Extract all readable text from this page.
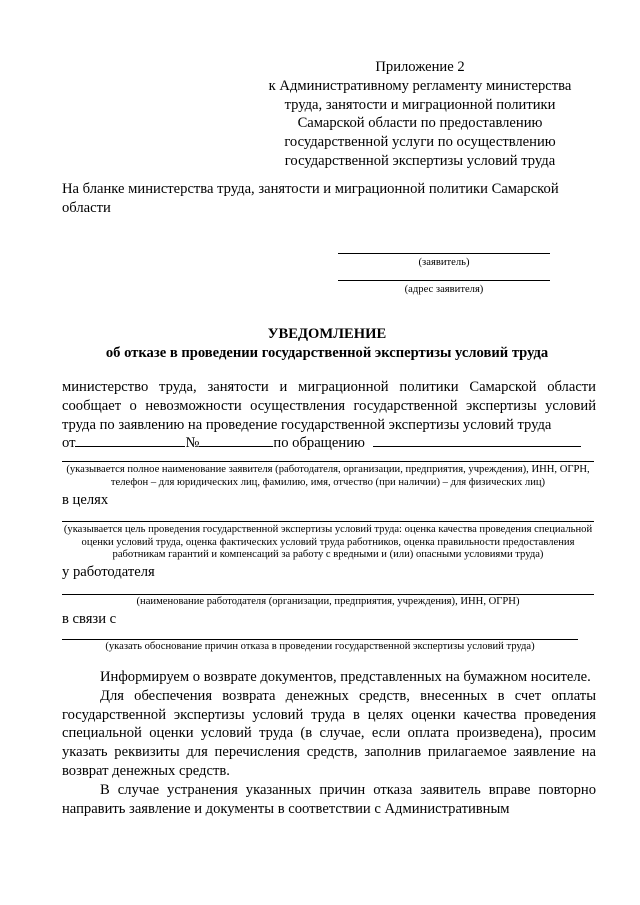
Приложение 2
к Административному регламенту министерства
труда, занятости и миграционной политики
Самарской области по предоставлению
государственной услуги по осуществлению
государственной экспертизы условий труда
На бланке министерства труда, занятости и миграционной политики Самарской области
(заявитель)
(адрес заявителя)
УВЕДОМЛЕНИЕ
об отказе в проведении государственной экспертизы условий труда
министерство труда, занятости и миграционной политики Самарской области сообщает о невозможности осуществления государственной экспертизы условий труда по заявлению на проведение государственной экспертизы условий труда
от	№	по обращению
(указывается полное наименование заявителя (работодателя, организации, предприятия, учреждения), ИНН, ОГРН, телефон – для юридических лиц, фамилию, имя, отчество (при наличии) – для физических лиц)
в целях
(указывается цель проведения государственной экспертизы условий труда: оценка качества проведения специальной оценки условий труда, оценка фактических условий труда работников, оценка правильности предоставления работникам гарантий и компенсаций за работу с вредными и (или) опасными условиями труда)
у работодателя
(наименование работодателя (организации, предприятия, учреждения), ИНН, ОГРН)
в связи с
(указать обоснование причин отказа в проведении государственной экспертизы условий труда)

Информируем о возврате документов, представленных на бумажном носителе.

Для обеспечения возврата денежных средств, внесенных в счет оплаты государственной экспертизы условий труда в целях оценки качества проведения специальной оценки условий труда (в случае, если оплата произведена), просим указать реквизиты для перечисления средств, заполнив прилагаемое заявление на возврат денежных средств.

В случае устранения указанных причин отказа заявитель вправе повторно направить заявление и документы в соответствии с Административным
